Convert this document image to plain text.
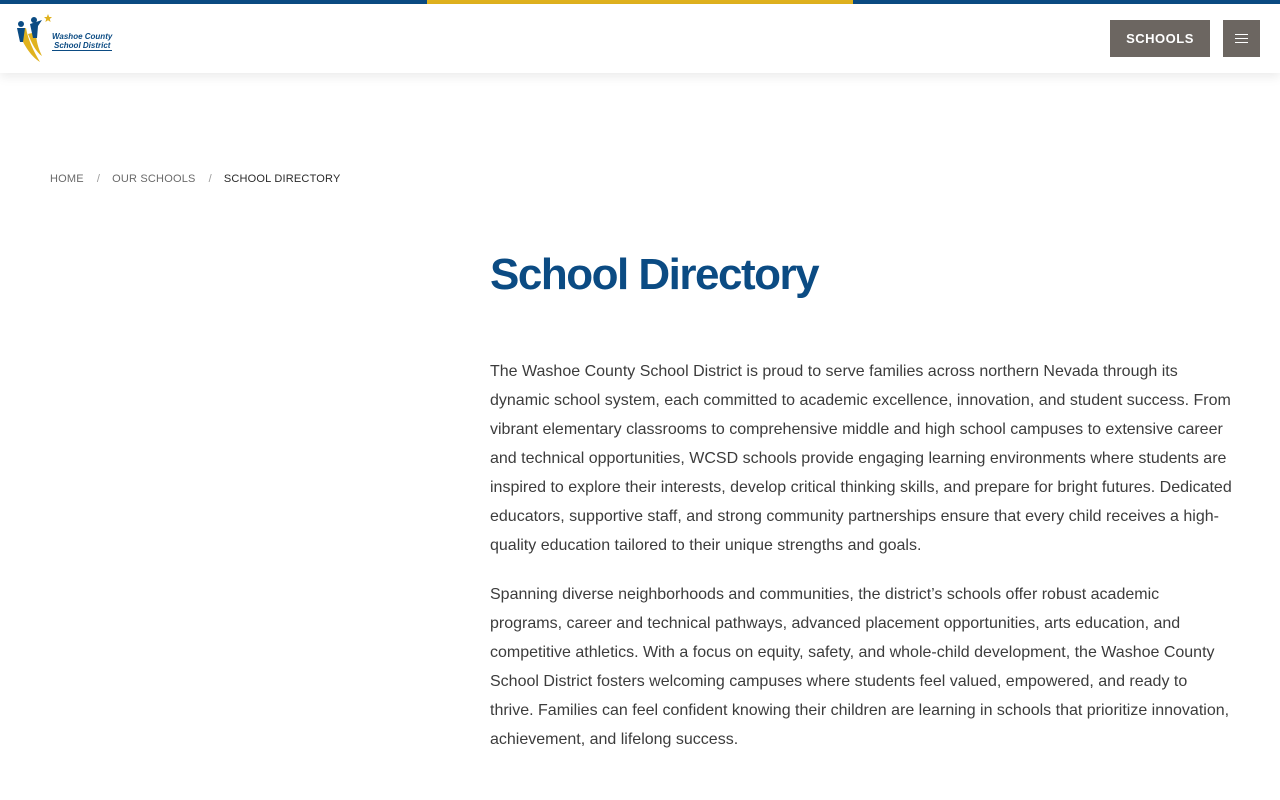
Washoe County
School District	SCHOOLS
HOME / OUR SCHOOLS / SCHOOL DIRECTORY
School Directory

The Washoe County School District is proud to serve families across northern Nevada through its dynamic school system, each committed to academic excellence, innovation, and student success. From vibrant elementary classrooms to comprehensive middle and high school campuses to extensive career and technical opportunities, WCSD schools provide engaging learning environments where students are inspired to explore their interests, develop critical thinking skills, and prepare for bright futures. Dedicated educators, supportive staff, and strong community partnerships ensure that every child receives a high-quality education tailored to their unique strengths and goals.

Spanning diverse neighborhoods and communities, the district’s schools offer robust academic programs, career and technical pathways, advanced placement opportunities, arts education, and competitive athletics. With a focus on equity, safety, and whole-child development, the Washoe County School District fosters welcoming campuses where students feel valued, empowered, and ready to thrive. Families can feel confident knowing their children are learning in schools that prioritize innovation, achievement, and lifelong success.
